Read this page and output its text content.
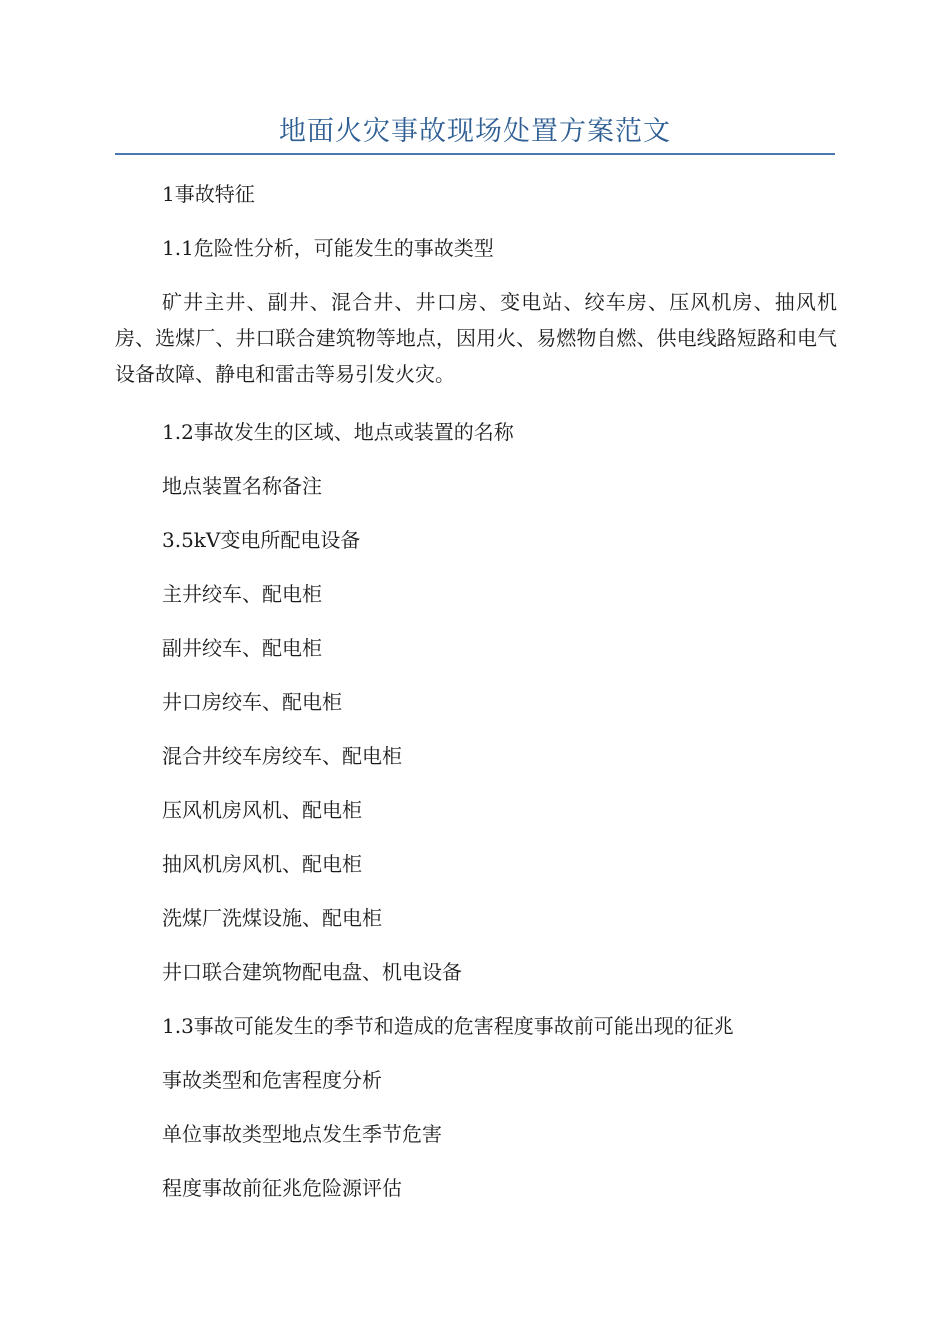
地面火灾事故现场处置方案范文

1事故特征

1.1危险性分析，可能发生的事故类型

矿井主井、副井、混合井、井口房、变电站、绞车房、压风机房、抽风机房、选煤厂、井口联合建筑物等地点，因用火、易燃物自燃、供电线路短路和电气设备故障、静电和雷击等易引发火灾。

1.2事故发生的区域、地点或装置的名称

地点装置名称备注

3.5kV变电所配电设备

主井绞车、配电柜

副井绞车、配电柜

井口房绞车、配电柜

混合井绞车房绞车、配电柜

压风机房风机、配电柜

抽风机房风机、配电柜

洗煤厂洗煤设施、配电柜

井口联合建筑物配电盘、机电设备

1.3事故可能发生的季节和造成的危害程度事故前可能出现的征兆

事故类型和危害程度分析

单位事故类型地点发生季节危害

程度事故前征兆危险源评估
